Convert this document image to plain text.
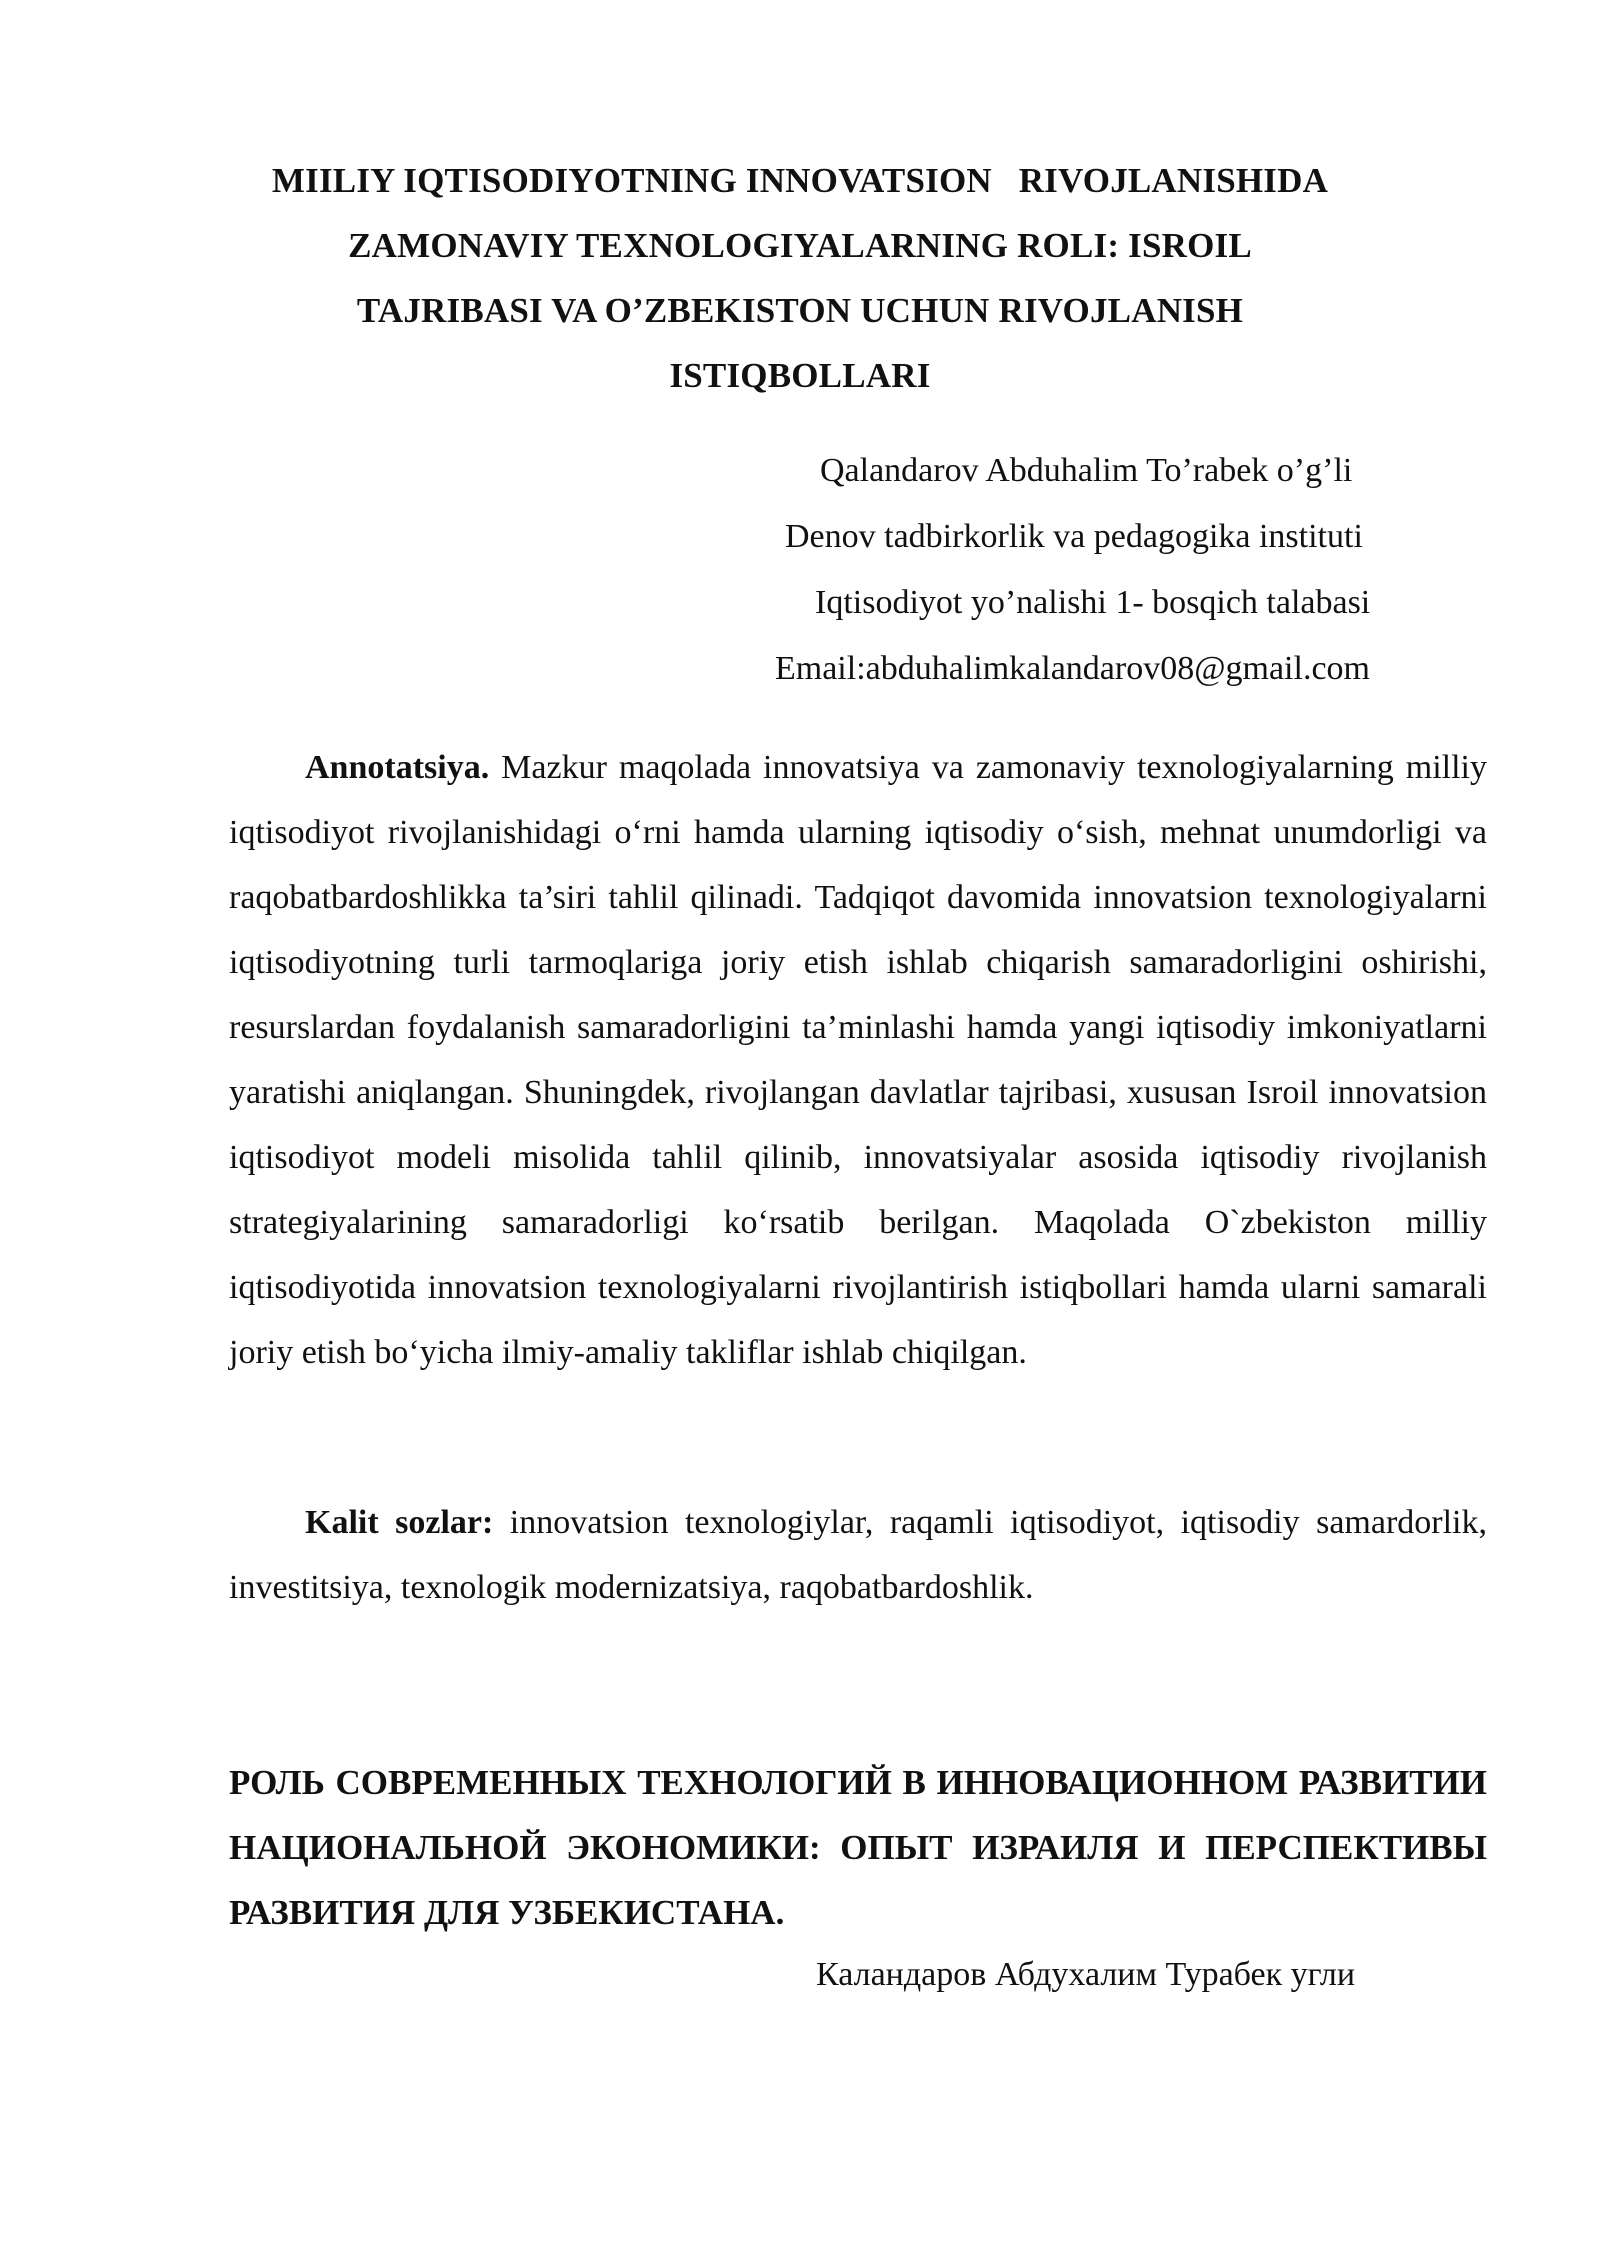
MIILIY IQTISODIYOTNING INNOVATSION   RIVOJLANISHIDA
ZAMONAVIY TEXNOLOGIYALARNING ROLI: ISROIL
TAJRIBASI VA O’ZBEKISTON UCHUN RIVOJLANISH
ISTIQBOLLARI
Qalandarov Abduhalim To’rabek o’g’li
Denov tadbirkorlik va pedagogika instituti
Iqtisodiyot yo’nalishi 1- bosqich talabasi
Email:abduhalimkalandarov08@gmail.com

Annotatsiya. Mazkur maqolada innovatsiya va zamonaviy texnologiyalarning milliy iqtisodiyot rivojlanishidagi o‘rni hamda ularning iqtisodiy o‘sish, mehnat unumdorligi va raqobatbardoshlikka ta’siri tahlil qilinadi. Tadqiqot davomida innovatsion texnologiyalarni iqtisodiyotning turli tarmoqlariga joriy etish ishlab chiqarish samaradorligini oshirishi, resurslardan foydalanish samaradorligini ta’minlashi hamda yangi iqtisodiy imkoniyatlarni yaratishi aniqlangan. Shuningdek, rivojlangan davlatlar tajribasi, xususan Isroil innovatsion iqtisodiyot modeli misolida tahlil qilinib, innovatsiyalar asosida iqtisodiy rivojlanish strategiyalarining samaradorligi ko‘rsatib berilgan. Maqolada O`zbekiston milliy iqtisodiyotida innovatsion texnologiyalarni rivojlantirish istiqbollari hamda ularni samarali joriy etish bo‘yicha ilmiy-amaliy takliflar ishlab chiqilgan.

Kalit sozlar: innovatsion texnologiylar, raqamli iqtisodiyot, iqtisodiy samardorlik, investitsiya, texnologik modernizatsiya, raqobatbardoshlik.

РОЛЬ СОВРЕМЕННЫХ ТЕХНОЛОГИЙ В ИННОВАЦИОННОМ РАЗВИТИИ НАЦИОНАЛЬНОЙ ЭКОНОМИКИ: ОПЫТ ИЗРАИЛЯ И ПЕРСПЕКТИВЫ РАЗВИТИЯ ДЛЯ УЗБЕКИСТАНА.

Каландаров Абдухалим Турабек угли
